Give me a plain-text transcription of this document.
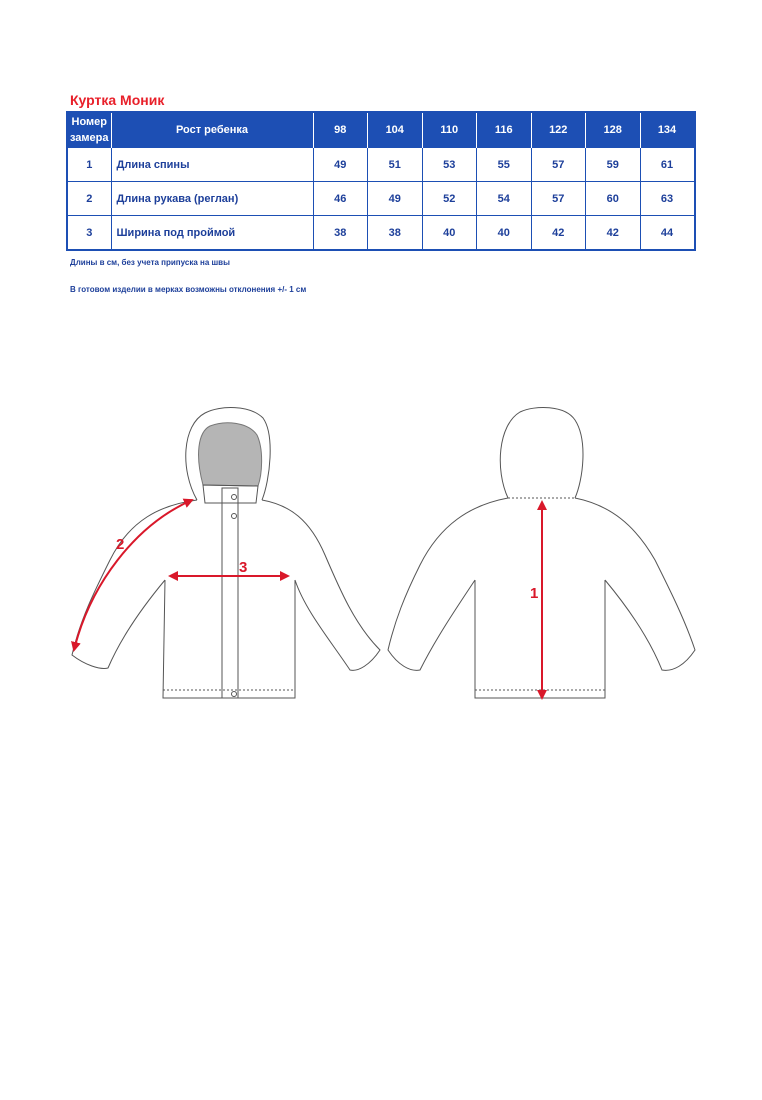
Куртка Моник
Номер
замера	Рост ребенка	98	104	110	116	122	128	134
1	Длина спины	49	51	53	55	57	59	61
2	Длина рукава (реглан)	46	49	52	54	57	60	63
3	Ширина под проймой	38	38	40	40	42	42	44
Длины в см, без учета припуска на швы
В готовом изделии в мерках возможны отклонения +/- 1 см
2
3
1
